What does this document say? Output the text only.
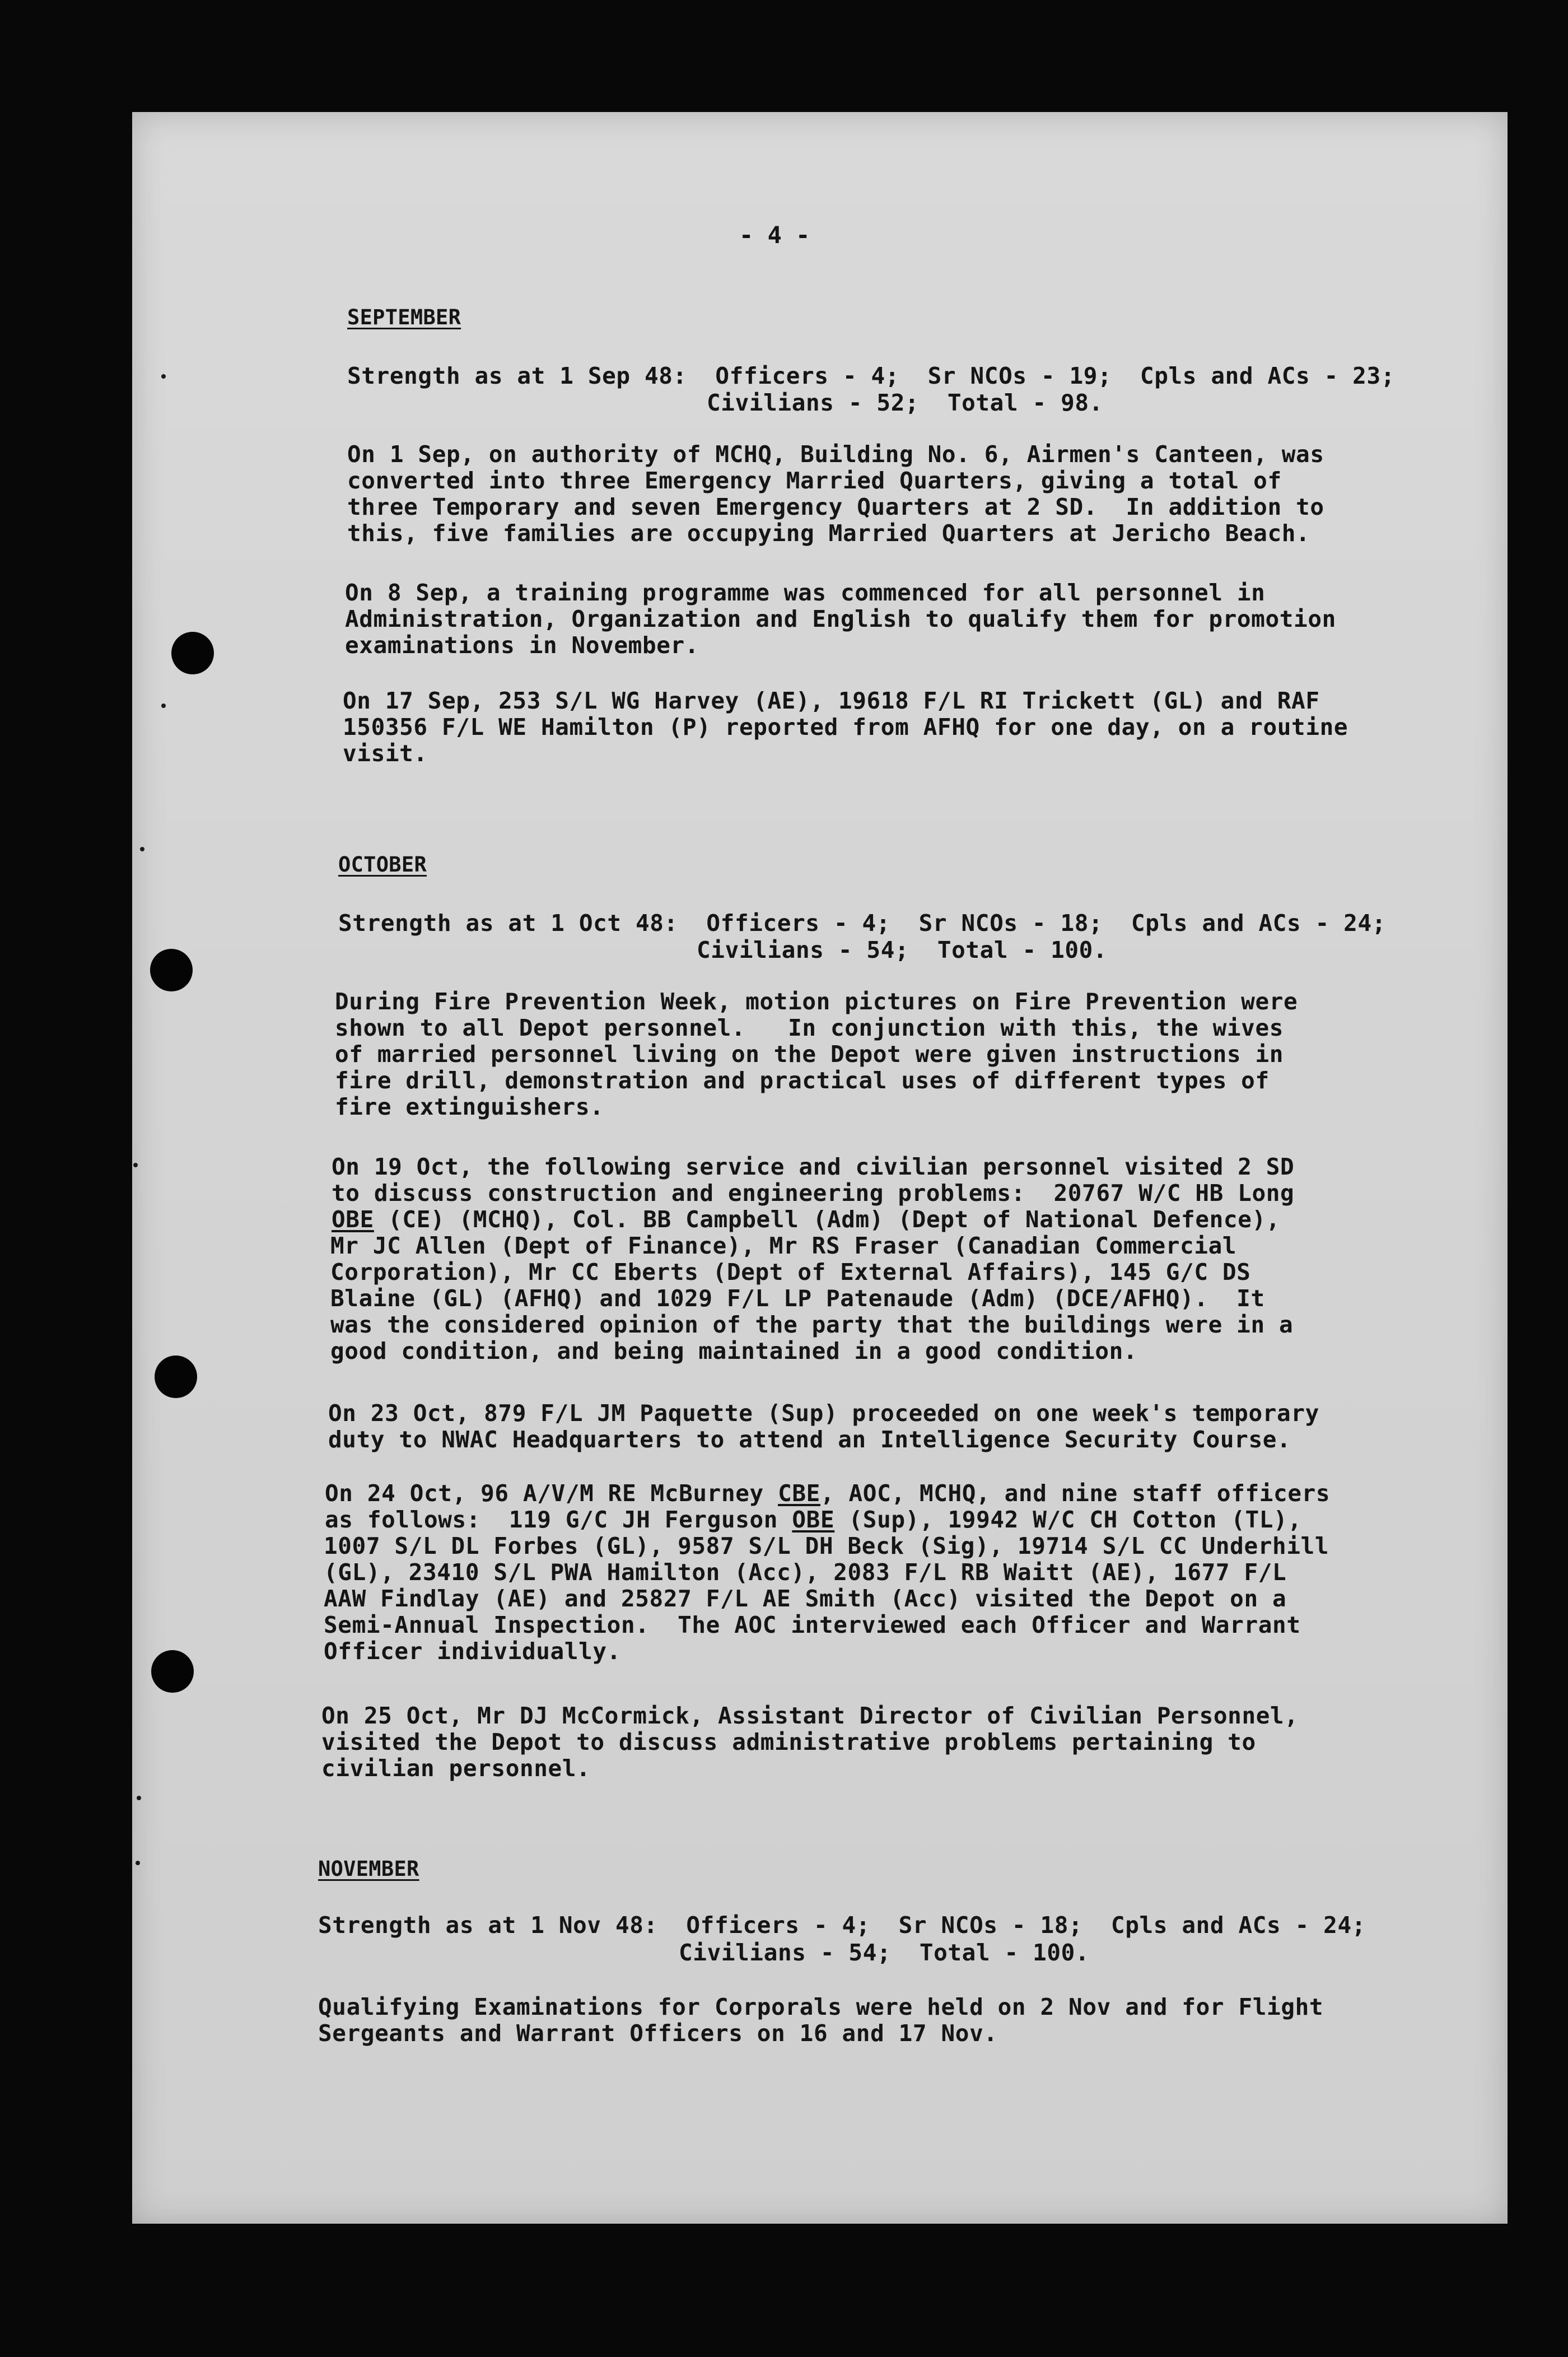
- 4 -
SEPTEMBER
Strength as at 1 Sep 48:  Officers - 4;  Sr NCOs - 19;  Cpls and ACs - 23;
Civilians - 52;  Total - 98.
On 1 Sep, on authority of MCHQ, Building No. 6, Airmen's Canteen, was
converted into three Emergency Married Quarters, giving a total of
three Temporary and seven Emergency Quarters at 2 SD.  In addition to
this, five families are occupying Married Quarters at Jericho Beach.
On 8 Sep, a training programme was commenced for all personnel in
Administration, Organization and English to qualify them for promotion
examinations in November.
On 17 Sep, 253 S/L WG Harvey (AE), 19618 F/L RI Trickett (GL) and RAF
150356 F/L WE Hamilton (P) reported from AFHQ for one day, on a routine
visit.
OCTOBER
Strength as at 1 Oct 48:  Officers - 4;  Sr NCOs - 18;  Cpls and ACs - 24;
Civilians - 54;  Total - 100.
During Fire Prevention Week, motion pictures on Fire Prevention were
shown to all Depot personnel.   In conjunction with this, the wives
of married personnel living on the Depot were given instructions in
fire drill, demonstration and practical uses of different types of
fire extinguishers.
On 19 Oct, the following service and civilian personnel visited 2 SD
to discuss construction and engineering problems:  20767 W/C HB Long
OBE (CE) (MCHQ), Col. BB Campbell (Adm) (Dept of National Defence),
Mr JC Allen (Dept of Finance), Mr RS Fraser (Canadian Commercial
Corporation), Mr CC Eberts (Dept of External Affairs), 145 G/C DS
Blaine (GL) (AFHQ) and 1029 F/L LP Patenaude (Adm) (DCE/AFHQ).  It
was the considered opinion of the party that the buildings were in a
good condition, and being maintained in a good condition.
On 23 Oct, 879 F/L JM Paquette (Sup) proceeded on one week's temporary
duty to NWAC Headquarters to attend an Intelligence Security Course.
On 24 Oct, 96 A/V/M RE McBurney CBE, AOC, MCHQ, and nine staff officers
as follows:  119 G/C JH Ferguson OBE (Sup), 19942 W/C CH Cotton (TL),
1007 S/L DL Forbes (GL), 9587 S/L DH Beck (Sig), 19714 S/L CC Underhill
(GL), 23410 S/L PWA Hamilton (Acc), 2083 F/L RB Waitt (AE), 1677 F/L
AAW Findlay (AE) and 25827 F/L AE Smith (Acc) visited the Depot on a
Semi-Annual Inspection.  The AOC interviewed each Officer and Warrant
Officer individually.
On 25 Oct, Mr DJ McCormick, Assistant Director of Civilian Personnel,
visited the Depot to discuss administrative problems pertaining to
civilian personnel.
NOVEMBER
Strength as at 1 Nov 48:  Officers - 4;  Sr NCOs - 18;  Cpls and ACs - 24;
Civilians - 54;  Total - 100.
Qualifying Examinations for Corporals were held on 2 Nov and for Flight
Sergeants and Warrant Officers on 16 and 17 Nov.
